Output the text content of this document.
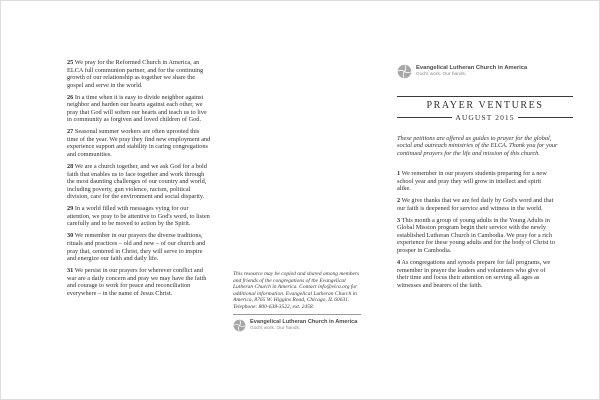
25 We pray for the Reformed Church in America, an ELCA full communion partner, and for the continuing growth of our relationship as together we share the gospel and serve in the world.

26 In a time when it is easy to divide neighbor against neighbor and harden our hearts against each other, we pray that God will soften our hearts and teach us to live in community as forgiven and loved children of God.

27 Seasonal summer workers are often uprooted this time of the year. We pray they find new employment and experience support and stability in caring congregations and communities.

28 We are a church together, and we ask God for a bold faith that enables us to face together and work through the most daunting challenges of our country and world, including poverty, gun violence, racism, political division, care for the environment and social disparity.

29 In a world filled with messages vying for our attention, we pray to be attentive to God's word, to listen carefully and to be moved to action by the Spirit.

30 We remember in our prayers the diverse traditions, rituals and practices – old and new – of our church and pray that, centered in Christ, they will serve to inspire and energize our faith and daily life.

31 We persist in our prayers for wherever conflict and war are a daily concern and pray we may have the faith and courage to work for peace and reconciliation everywhere – in the name of Jesus Christ.

This resource may be copied and shared among members and friends of the congregations of the Evangelical Lutheran Church in America. Contact info@elca.org for additional information. Evangelical Lutheran Church in America, 8765 W. Higgins Road, Chicago, IL 60631. Telephone: 800-638-3522, ext. 2458.

Evangelical Lutheran Church in America
God's work. Our hands.
Evangelical Lutheran Church in America
God's work. Our hands.
PRAYER VENTURES
AUGUST 2015

These petitions are offered as guides to prayer for the global, social and outreach ministries of the ELCA. Thank you for your continued prayers for the life and mission of this church.

1 We remember in our prayers students preparing for a new school year and pray they will grow in intellect and spirit alike.

2 We give thanks that we are fed daily by God's word and that our faith is deepened for service and witness in the world.

3 This month a group of young adults in the Young Adults in Global Mission program begin their service with the newly established Lutheran Church in Cambodia. We pray for a rich experience for these young adults and for the body of Christ to prosper in Cambodia.

4 As congregations and synods prepare for fall programs, we remember in prayer the leaders and volunteers who give of their time and focus their attention on serving all ages as witnesses and bearers of the faith.
